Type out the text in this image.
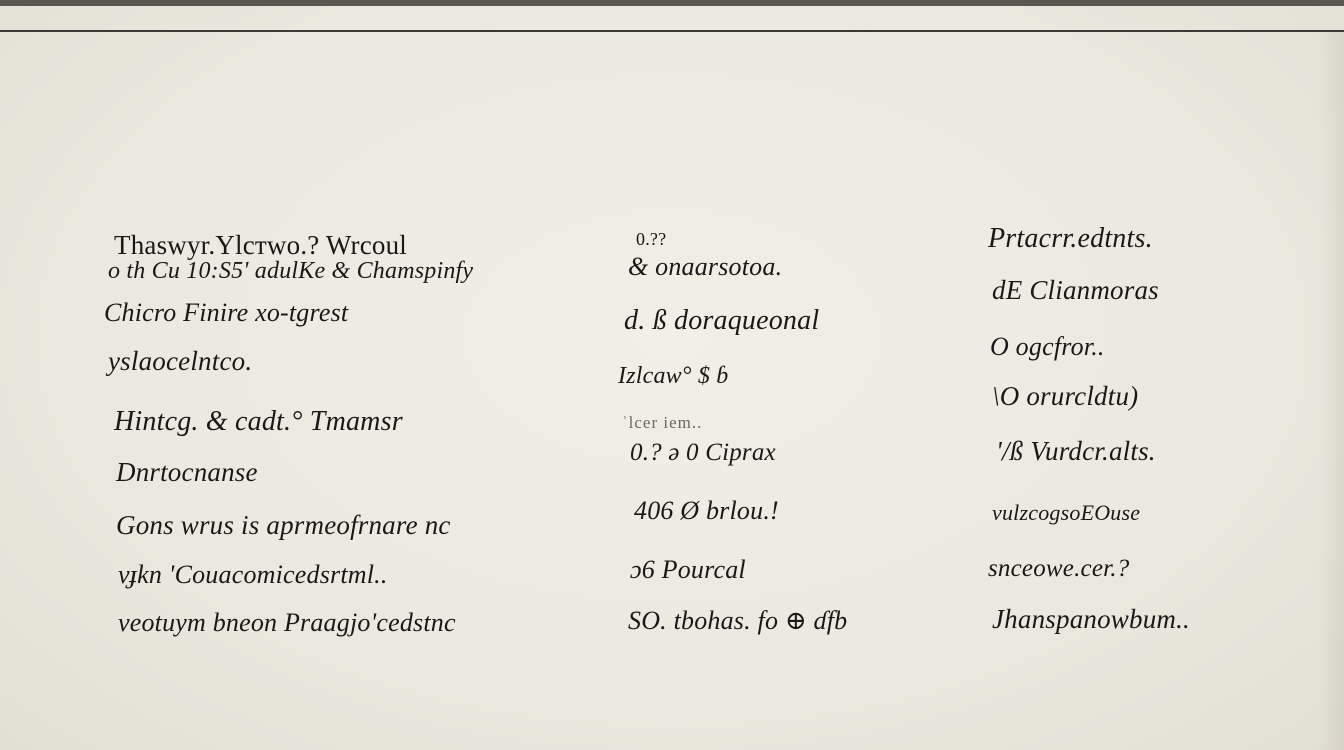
Thaswyr.Ylcтwo.? Wrcoul
o th Cu 10:S5' adulKe & Chamspinfy
Chicro Finire xo-tgrest
yslaocelntco.
Hintcg. & cadt.° Tmamsr
Dnrtocnanse
Gons wrus is aprmeofrnare nc
vɟkn 'Couacomicedsrtml..
veotuym bneon Praagjo'cedstnc
0.??
& onaarsotoa.
d. ß doraqueonal
Izlcaw° $ ɓ
ʾlcer iem..
0.? ə 0 Ciprax
406 Ø brlou.!
ɔ6 Pourcal
SO. tbohas. fo ⊕ ɗfb
Prtacrr.edtnts.
dE Clianmoras
O ogcfror..
\O orurcldtu)
ʹ/ß Vurdcr.alts.
vulzcogsoEOuse
snceowe.cer.?
Jhanspanowbum..
